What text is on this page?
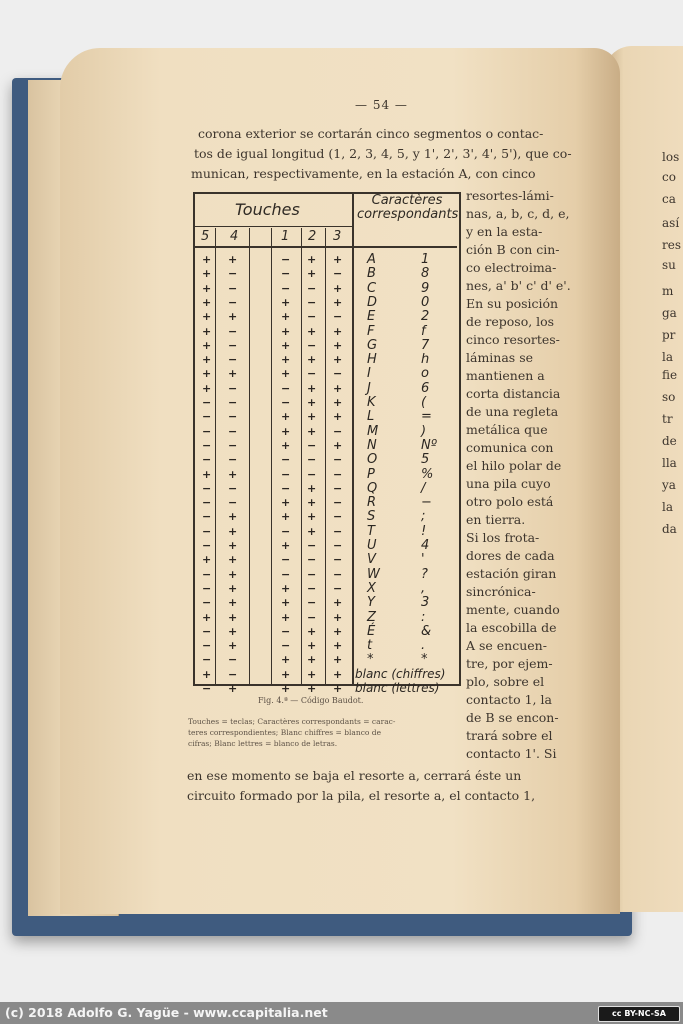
— 54 —
corona exterior se cortarán cinco segmentos o contac-
tos de igual longitud (1, 2, 3, 4, 5, y 1', 2', 3', 4', 5'), que co-
munican, respectivamente, en la estación A, con cinco
resortes-lámi-
nas, a, b, c, d, e,
y en la esta-
ción B con cin-
co electroima-
nes, a' b' c' d' e'.
En su posición
de reposo, los
cinco resortes-
láminas se
mantienen a
corta distancia
de una regleta
metálica que
comunica con
el hilo polar de
una pila cuyo
otro polo está
en tierra.
Si los frota-
dores de cada
estación giran
sincrónica-
mente, cuando
la escobilla de
A se encuen-
tre, por ejem-
plo, sobre el
contacto 1, la
de B se encon-
trará sobre el
contacto 1'. Si
Touches	Caractères correspondants
5 4	1 2 3
+ +	− + + A	1
+ −	− + − B	8
+ −	− − + C	9
+ −	+ − + D	0
+ +	+ − − E	2
+ −	+ + + F	f
+ −	+ − + G	7
+ −	+ + + H	h
+ +	+ − − I	o
+ −	− + + J	6
− −	− + + K	(
− −	+ + + L	=
− −	+ + − M	)
− −	+ − + N	Nº
− −	− − − O	5
+ +	− − − P	%
− −	− + − Q	/
− −	+ + − R	−
− +	+ + − S	;
− +	− + − T	!
− +	+ − − U	4
+ +	− − − V	'
− +	− − − W	?
− +	+ − − X	,
− +	+ − + Y	3
+ +	+ − + Z	:
− +	− + + É	&
− +	− + + t	.
− −	+ + + *	*
+ −	+ + + blanc (chiffres)
− +	+ + + blanc (lettres)
Fig. 4.ª — Código Baudot.
Touches = teclas; Caractères correspondants = carac-
teres correspondientes; Blanc chiffres = blanco de
cifras; Blanc lettres = blanco de letras.
en ese momento se baja el resorte a, cerrará éste un
circuito formado por la pila, el resorte a, el contacto 1,
los
co
ca
así
res
su
m
ga
pr
la
fie
so
tr
de
lla
ya
la
da
(c) 2018 Adolfo G. Yagüe - www.ccapitalia.net	cc BY-NC-SA
